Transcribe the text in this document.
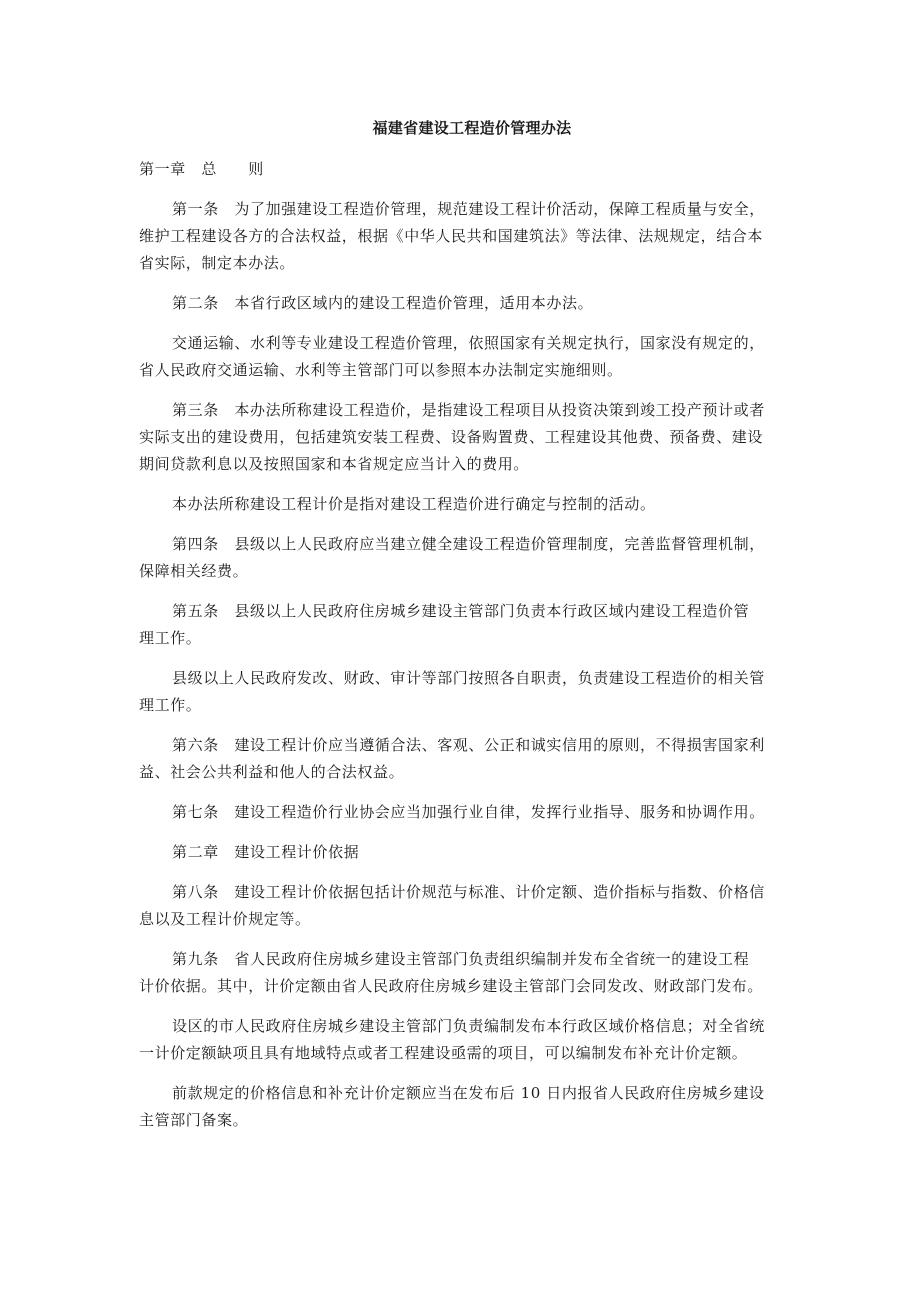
福建省建设工程造价管理办法
第一章　总　　则
第一条　为了加强建设工程造价管理，规范建设工程计价活动，保障工程质量与安全，
维护工程建设各方的合法权益，根据《中华人民共和国建筑法》等法律、法规规定，结合本
省实际，制定本办法。
第二条　本省行政区域内的建设工程造价管理，适用本办法。
交通运输、水利等专业建设工程造价管理，依照国家有关规定执行，国家没有规定的，
省人民政府交通运输、水利等主管部门可以参照本办法制定实施细则。
第三条　本办法所称建设工程造价，是指建设工程项目从投资决策到竣工投产预计或者
实际支出的建设费用，包括建筑安装工程费、设备购置费、工程建设其他费、预备费、建设
期间贷款利息以及按照国家和本省规定应当计入的费用。
本办法所称建设工程计价是指对建设工程造价进行确定与控制的活动。
第四条　县级以上人民政府应当建立健全建设工程造价管理制度，完善监督管理机制，
保障相关经费。
第五条　县级以上人民政府住房城乡建设主管部门负责本行政区域内建设工程造价管
理工作。
县级以上人民政府发改、财政、审计等部门按照各自职责，负责建设工程造价的相关管
理工作。
第六条　建设工程计价应当遵循合法、客观、公正和诚实信用的原则，不得损害国家利
益、社会公共利益和他人的合法权益。
第七条　建设工程造价行业协会应当加强行业自律，发挥行业指导、服务和协调作用。
第二章　建设工程计价依据
第八条　建设工程计价依据包括计价规范与标准、计价定额、造价指标与指数、价格信
息以及工程计价规定等。
第九条　省人民政府住房城乡建设主管部门负责组织编制并发布全省统一的建设工程
计价依据。其中，计价定额由省人民政府住房城乡建设主管部门会同发改、财政部门发布。
设区的市人民政府住房城乡建设主管部门负责编制发布本行政区域价格信息；对全省统
一计价定额缺项且具有地域特点或者工程建设亟需的项目，可以编制发布补充计价定额。
前款规定的价格信息和补充计价定额应当在发布后 10 日内报省人民政府住房城乡建设
主管部门备案。
